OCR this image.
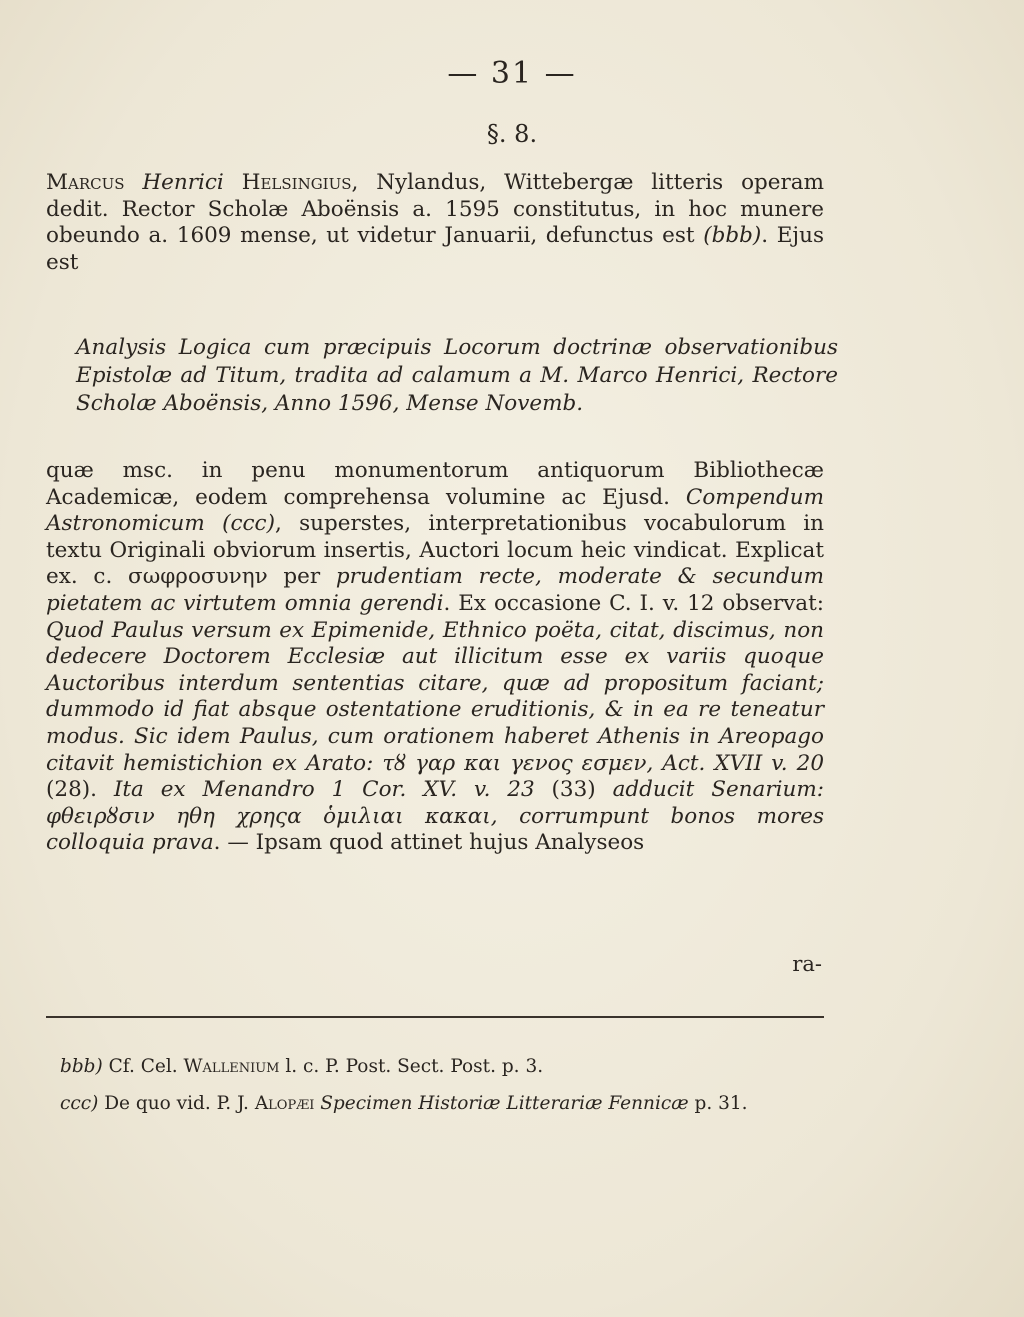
— 31 —
§. 8.

Marcus Henrici Helsingius, Nylandus, Wittebergæ litteris operam dedit. Rector Scholæ Aboënsis a. 1595 constitutus, in hoc munere obeundo a. 1609 mense, ut videtur Januarii, defunctus est (bbb). Ejus est

Analysis Logica cum præcipuis Locorum doctrinæ observationibus Epistolæ ad Titum, tradita ad calamum a M. Marco Henrici, Rectore Scholæ Aboënsis, Anno 1596, Mense Novemb.

quæ msc. in penu monumentorum antiquorum Bibliothecæ Academicæ, eodem comprehensa volumine ac Ejusd. Compendum Astronomicum (ccc), superstes, interpretationibus vocabulorum in textu Originali obviorum insertis, Auctori locum heic vindicat. Explicat ex. c. σωφροσυνην per prudentiam recte, moderate & secundum pietatem ac virtutem omnia gerendi. Ex occasione C. I. v. 12 observat: Quod Paulus versum ex Epimenide, Ethnico poëta, citat, discimus, non dedecere Doctorem Ecclesiæ aut illicitum esse ex variis quoque Auctoribus interdum sententias citare, quæ ad propositum faciant; dummodo id fiat absque ostentatione eruditionis, & in ea re teneatur modus. Sic idem Paulus, cum orationem haberet Athenis in Areopago citavit hemistichion ex Arato: τȣ γαρ και γενος εσμεν, Act. XVII v. 20 (28). Ita ex Menandro 1 Cor. XV. v. 23 (33) adducit Senarium: φθειρȣσιν ηθη χρηςα ὁμιλιαι κακαι, corrumpunt bonos mores colloquia prava. — Ipsam quod attinet hujus Analyseos

ra-

bbb) Cf. Cel. Wallenium l. c. P. Post. Sect. Post. p. 3.

ccc) De quo vid. P. J. Alopæi Specimen Historiæ Litterariæ Fennicæ p. 31.
